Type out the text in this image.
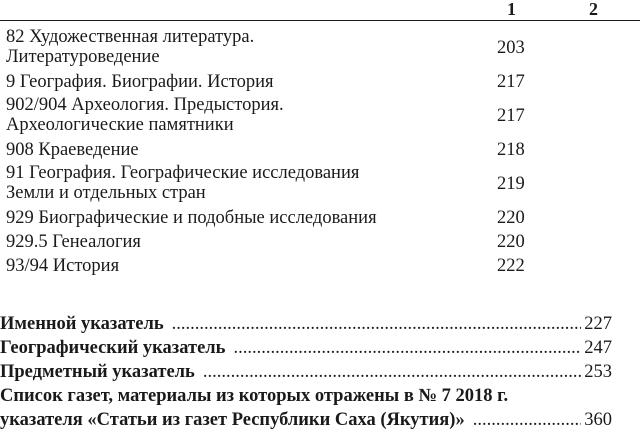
1	2
82 Художественная литература.
Литературоведение	203
9 География. Биографии. История	217
902/904 Археология. Предыстория.
Археологические памятники	217
908 Краеведение	218
91 География. Географические исследования
Земли и отдельных стран	219
929 Биографические и подобные исследования	220
929.5 Генеалогия	220
93/94 История	222
Именной указатель .....	227
Географический указатель .....	247
Предметный указатель .....	253
Список газет, материалы из которых отражены в № 7 2018 г.
указателя «Статьи из газет Республики Саха (Якутия)» .....	360
